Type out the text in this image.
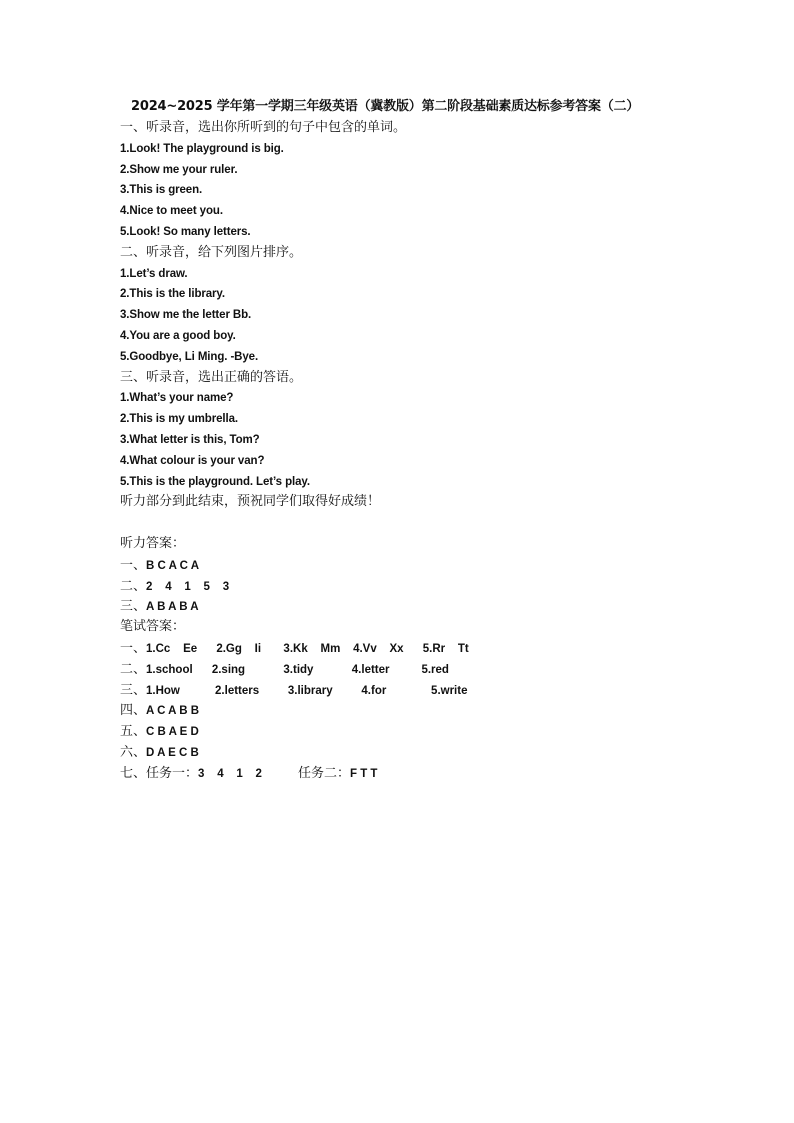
2024~2025 学年第一学期三年级英语（冀教版）第二阶段基础素质达标参考答案（二）
一、听录音，选出你所听到的句子中包含的单词。
1.Look! The playground is big.
2.Show me your ruler.
3.This is green.
4.Nice to meet you.
5.Look! So many letters.
二、听录音，给下列图片排序。
1.Let’s draw.
2.This is the library.
3.Show me the letter Bb.
4.You are a good boy.
5.Goodbye, Li Ming. -Bye.
三、听录音，选出正确的答语。
1.What’s your name?
2.This is my umbrella.
3.What letter is this, Tom?
4.What colour is your van?
5.This is the playground. Let’s play.
听力部分到此结束，预祝同学们取得好成绩！
听力答案：
一、B C A C A
二、2    4    1    5    3
三、A B A B A
笔试答案：
一、1.Cc    Ee      2.Gg    Ii       3.Kk    Mm    4.Vv    Xx      5.Rr    Tt
二、1.school      2.sing            3.tidy            4.letter          5.red
三、1.How           2.letters         3.library         4.for              5.write
四、A C A B B
五、C B A E D
六、D A E C B
七、任务一：3    4    1    2	任务二：F T T
